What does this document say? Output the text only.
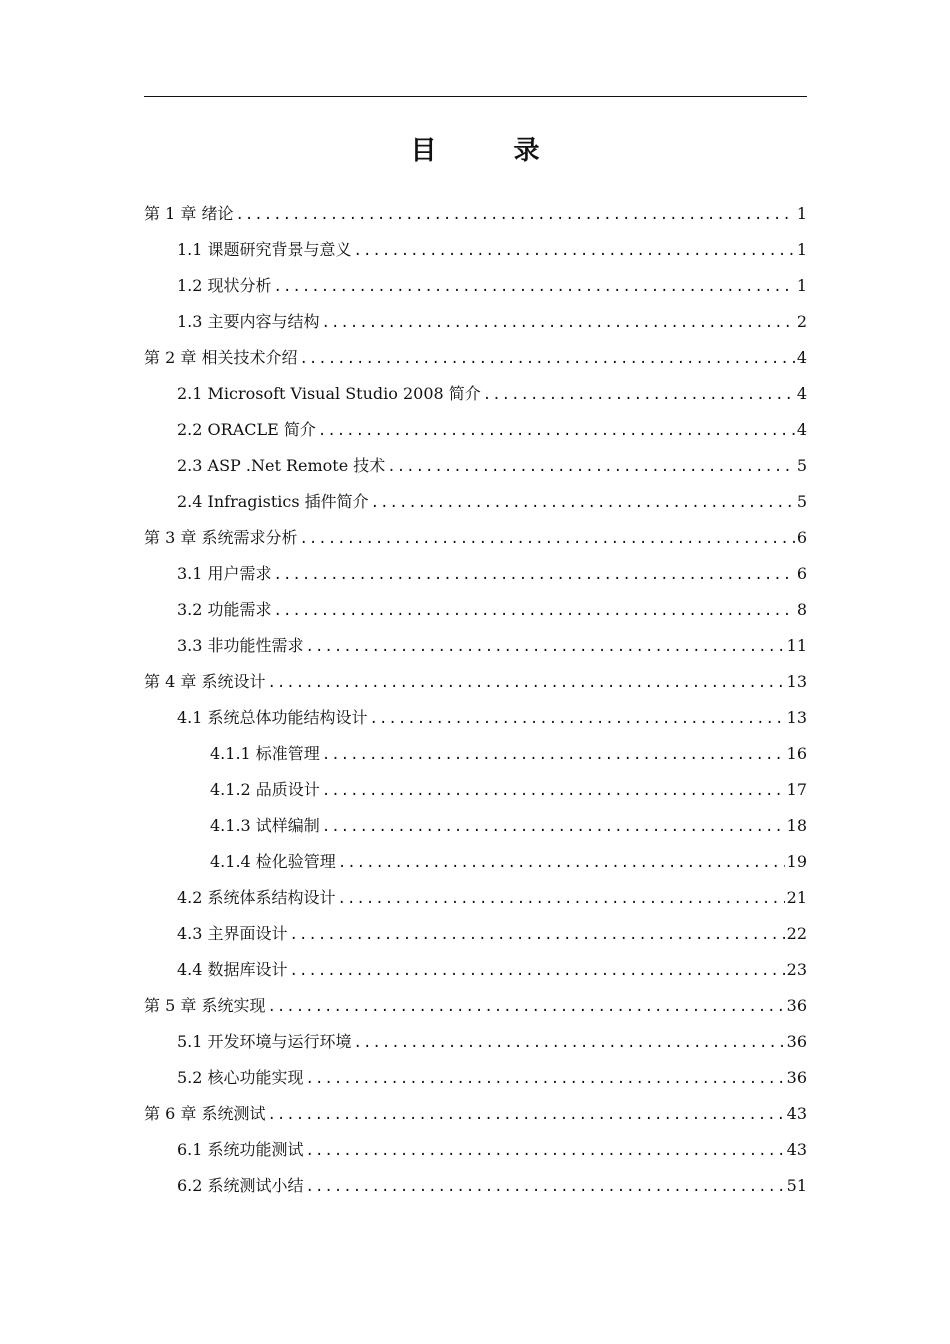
目 录
第 1 章 绪论 .....	1
1.1 课题研究背景与意义 .....	1
1.2 现状分析 .....	1
1.3 主要内容与结构 .....	2
第 2 章 相关技术介绍 .....	4
2.1 Microsoft Visual Studio 2008 简介 .....	4
2.2 ORACLE 简介 .....	4
2.3 ASP .Net Remote 技术 .....	5
2.4 Infragistics 插件简介 .....	5
第 3 章 系统需求分析 .....	6
3.1 用户需求 .....	6
3.2 功能需求 .....	8
3.3 非功能性需求 .....	11
第 4 章 系统设计 .....	13
4.1 系统总体功能结构设计 .....	13
4.1.1 标准管理 .....	16
4.1.2 品质设计 .....	17
4.1.3 试样编制 .....	18
4.1.4 检化验管理 .....	19
4.2 系统体系结构设计 .....	21
4.3 主界面设计 .....	22
4.4 数据库设计 .....	23
第 5 章 系统实现 .....	36
5.1 开发环境与运行环境 .....	36
5.2 核心功能实现 .....	36
第 6 章 系统测试 .....	43
6.1 系统功能测试 .....	43
6.2 系统测试小结 .....	51
